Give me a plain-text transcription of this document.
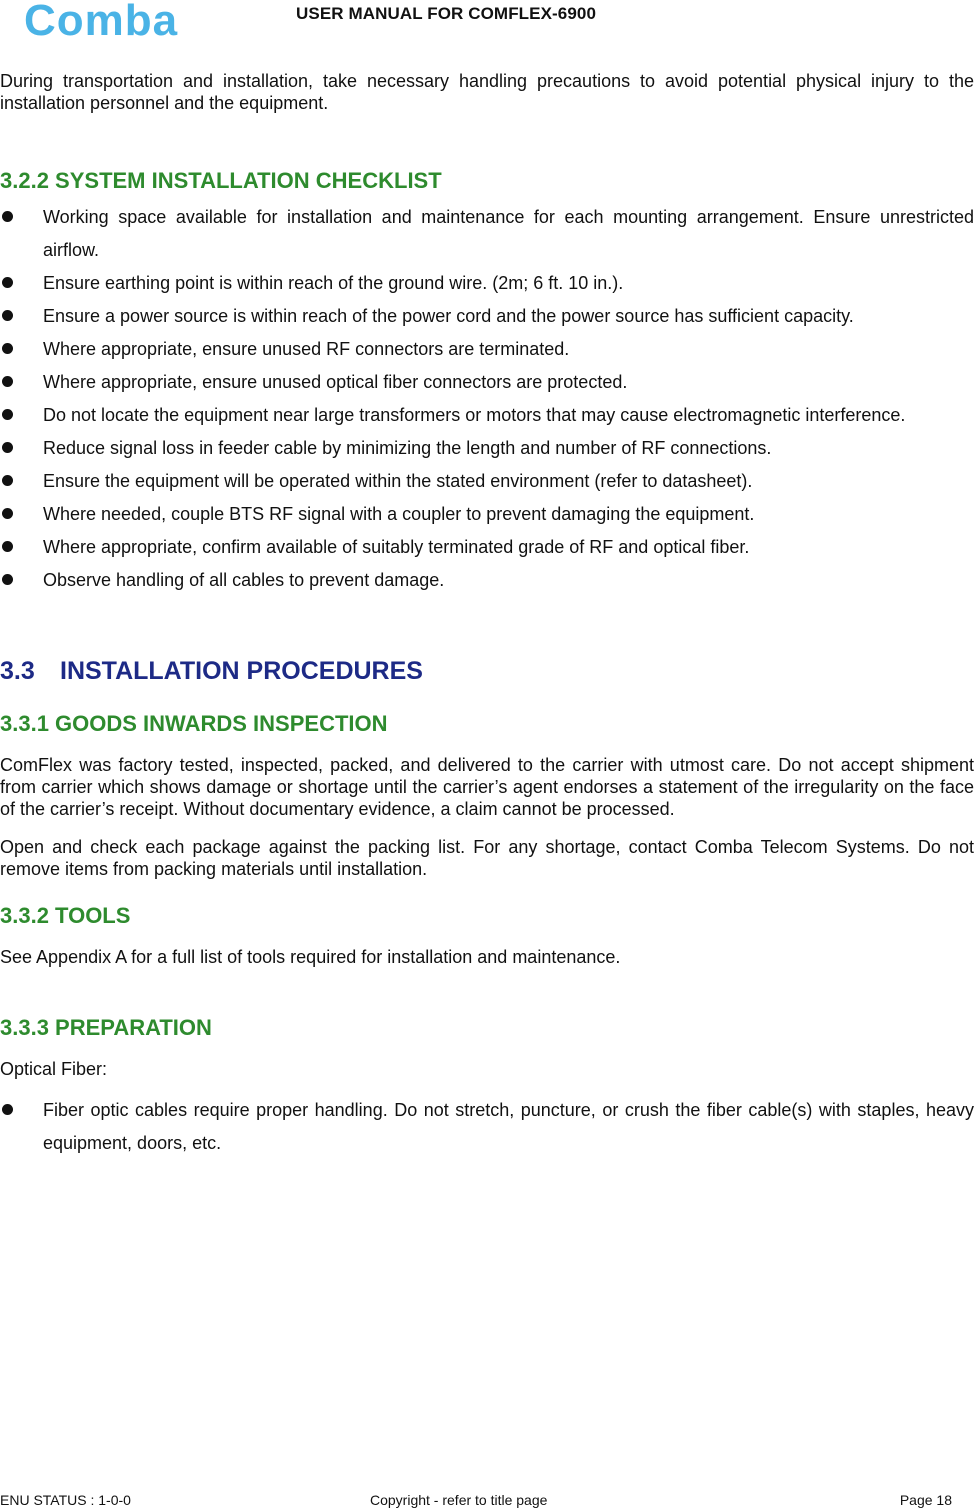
Comba	USER MANUAL FOR COMFLEX-6900

During transportation and installation, take necessary handling precautions to avoid potential physical injury to the installation personnel and the equipment.

3.2.2 SYSTEM INSTALLATION CHECKLIST
Working space available for installation and maintenance for each mounting arrangement. Ensure unrestricted airflow.
Ensure earthing point is within reach of the ground wire. (2m; 6 ft. 10 in.).
Ensure a power source is within reach of the power cord and the power source has sufficient capacity.
Where appropriate, ensure unused RF connectors are terminated.
Where appropriate, ensure unused optical fiber connectors are protected.
Do not locate the equipment near large transformers or motors that may cause electromagnetic interference.
Reduce signal loss in feeder cable by minimizing the length and number of RF connections.
Ensure the equipment will be operated within the stated environment (refer to datasheet).
Where needed, couple BTS RF signal with a coupler to prevent damaging the equipment.
Where appropriate, confirm available of suitably terminated grade of RF and optical fiber.
Observe handling of all cables to prevent damage.
3.3 INSTALLATION PROCEDURES
3.3.1 GOODS INWARDS INSPECTION

ComFlex was factory tested, inspected, packed, and delivered to the carrier with utmost care. Do not accept shipment from carrier which shows damage or shortage until the carrier’s agent endorses a statement of the irregularity on the face of the carrier’s receipt. Without documentary evidence, a claim cannot be processed.

Open and check each package against the packing list. For any shortage, contact Comba Telecom Systems. Do not remove items from packing materials until installation.

3.3.2 TOOLS

See Appendix A for a full list of tools required for installation and maintenance.

3.3.3 PREPARATION

Optical Fiber:

Fiber optic cables require proper handling. Do not stretch, puncture, or crush the fiber cable(s) with staples, heavy equipment, doors, etc.
ENU STATUS : 1-0-0	Copyright - refer to title page	Page 18
